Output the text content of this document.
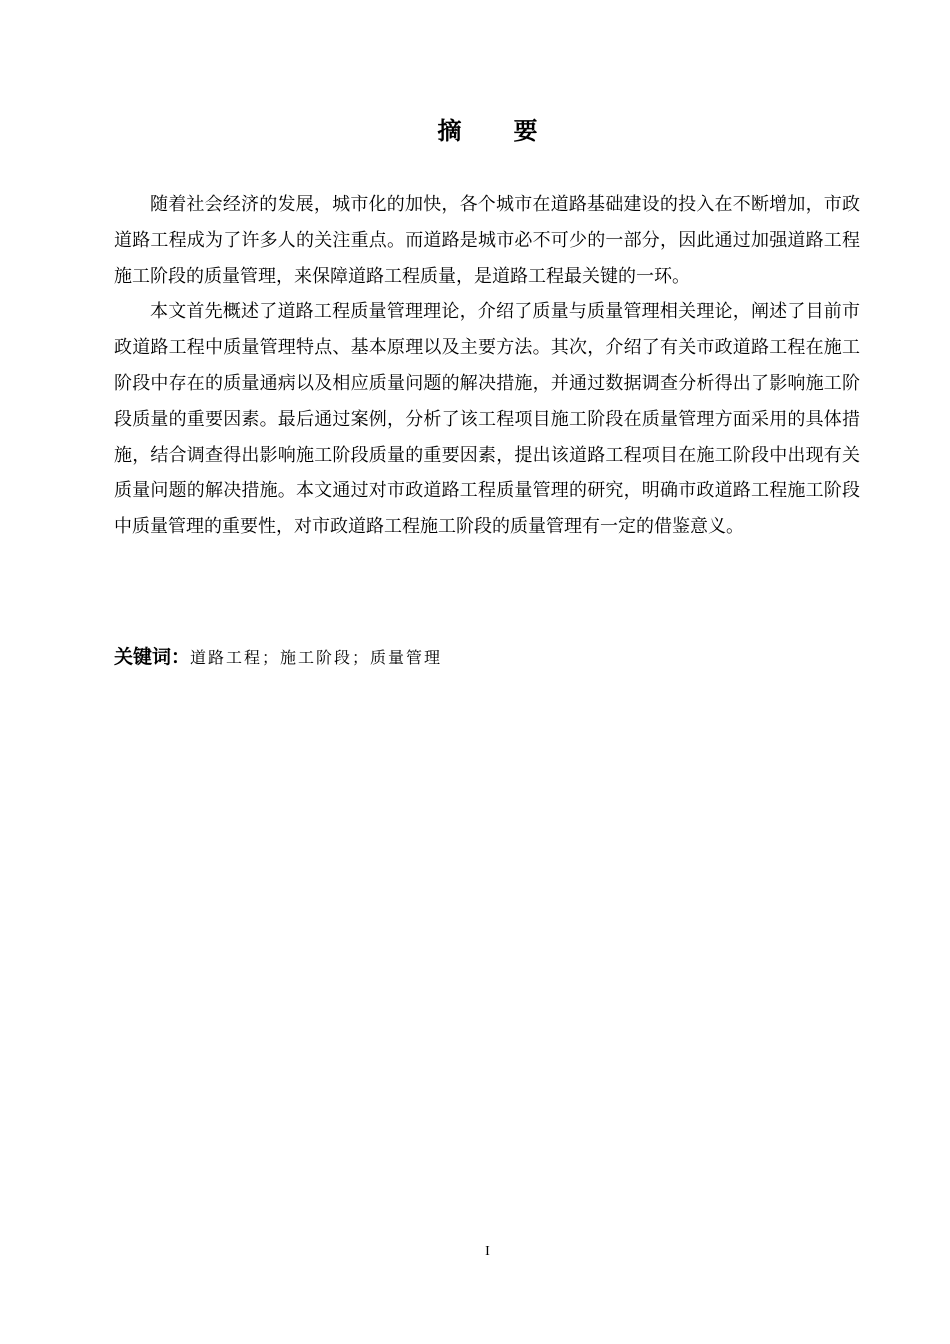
摘 要

随着社会经济的发展，城市化的加快，各个城市在道路基础建设的投入在不断增加，市政道路工程成为了许多人的关注重点。而道路是城市必不可少的一部分，因此通过加强道路工程施工阶段的质量管理，来保障道路工程质量，是道路工程最关键的一环。

本文首先概述了道路工程质量管理理论，介绍了质量与质量管理相关理论，阐述了目前市政道路工程中质量管理特点、基本原理以及主要方法。其次，介绍了有关市政道路工程在施工阶段中存在的质量通病以及相应质量问题的解决措施，并通过数据调查分析得出了影响施工阶段质量的重要因素。最后通过案例，分析了该工程项目施工阶段在质量管理方面采用的具体措施，结合调查得出影响施工阶段质量的重要因素，提出该道路工程项目在施工阶段中出现有关质量问题的解决措施。本文通过对市政道路工程质量管理的研究，明确市政道路工程施工阶段中质量管理的重要性，对市政道路工程施工阶段的质量管理有一定的借鉴意义。

关键词：道路工程；施工阶段；质量管理
I
